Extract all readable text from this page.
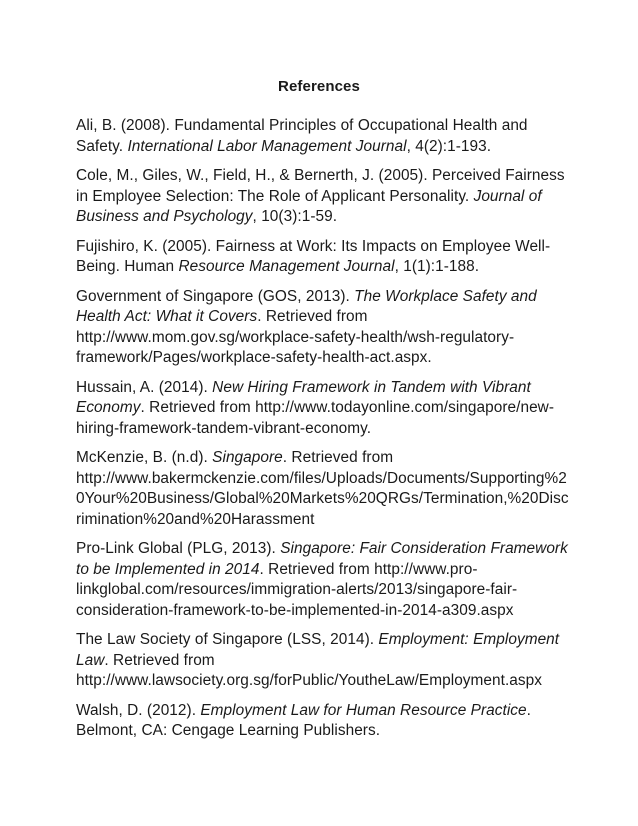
References

Ali, B. (2008). Fundamental Principles of Occupational Health and Safety. International Labor Management Journal, 4(2):1-193.

Cole, M., Giles, W., Field, H., & Bernerth, J. (2005). Perceived Fairness in Employee Selection: The Role of Applicant Personality. Journal of Business and Psychology, 10(3):1-59.

Fujishiro, K. (2005). Fairness at Work: Its Impacts on Employee Well-Being. Human Resource Management Journal, 1(1):1-188.

Government of Singapore (GOS, 2013). The Workplace Safety and Health Act: What it Covers. Retrieved from http://www.mom.gov.sg/workplace-safety-health/wsh-regulatory-framework/Pages/workplace-safety-health-act.aspx.

Hussain, A. (2014). New Hiring Framework in Tandem with Vibrant Economy. Retrieved from http://www.todayonline.com/singapore/new-hiring-framework-tandem-vibrant-economy.

McKenzie, B. (n.d). Singapore. Retrieved from http://www.bakermckenzie.com/files/Uploads/Documents/Supporting%20Your%20Business/Global%20Markets%20QRGs/Termination,%20Discrimination%20and%20Harassment

Pro-Link Global (PLG, 2013). Singapore: Fair Consideration Framework to be Implemented in 2014. Retrieved from http://www.pro-linkglobal.com/resources/immigration-alerts/2013/singapore-fair-consideration-framework-to-be-implemented-in-2014-a309.aspx

The Law Society of Singapore (LSS, 2014). Employment: Employment Law. Retrieved from http://www.lawsociety.org.sg/forPublic/YoutheLaw/Employment.aspx

Walsh, D. (2012). Employment Law for Human Resource Practice. Belmont, CA: Cengage Learning Publishers.
